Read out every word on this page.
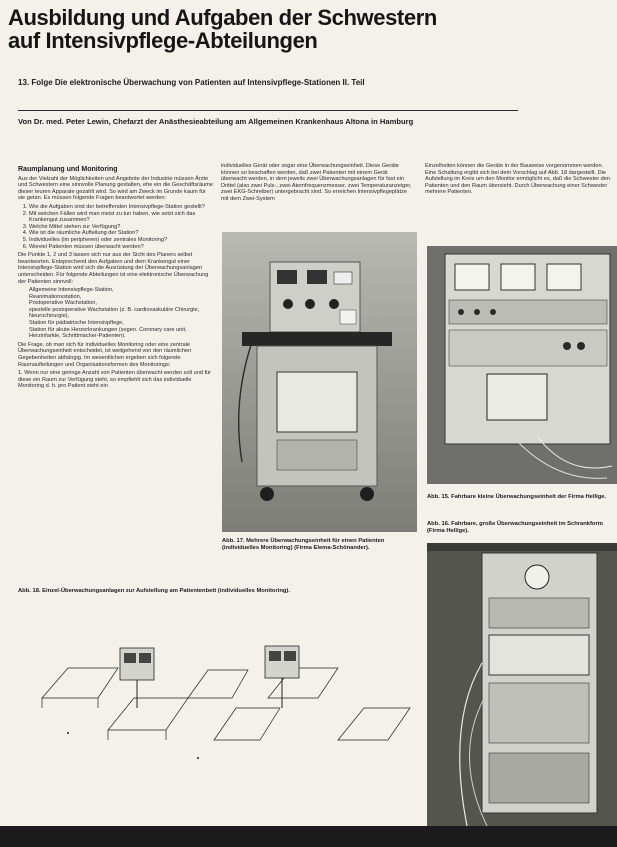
Ausbildung und Aufgaben der Schwestern
auf Intensivpflege-Abteilungen
13. Folge Die elektronische Überwachung von Patienten auf Intensivpflege-Stationen II. Teil
Von Dr. med. Peter Lewin, Chefarzt der Anästhesieabteilung am Allgemeinen Krankenhaus Altona in Hamburg
Raumplanung und Monitoring

Aus der Vielzahl der Möglichkeiten und Angebote der Industrie müssen Ärzte und Schwestern eine sinnvolle Planung gestalten, ehe ein die Geschäftsräume dieser teuren Apparate gezahlt wird. So wird am Zweck im Grunde kaum für sie getan. Es müssen folgende Fragen beantwortet werden:

1. Wie die Aufgaben sind der betreffenden Intensivpflege-Station gestellt?
2. Mit welchen Fällen wird man meist zu tun haben, wie setzt sich das Krankengut zusammen?
3. Welche Mittel stehen zur Verfügung?
4. Wie ist die räumliche Aufteilung der Station?
5. Individuelles (im peripheren) oder zentrales Monitoring?
6. Wieviel Patienten müssen überwacht werden?

Die Punkte 1, 2 und 3 lassen sich nur aus der Sicht des Planers selbst beantworten. Entsprechend den Aufgaben und dem Krankengut einer Intensivpflege-Station wird sich die Ausrüstung der Überwachungsanlagen unterscheiden. Für folgende Abteilungen ist eine elektronische Überwachung der Patienten sinnvoll:

Allgemeine Intensivpflege-Station,
Reanimationsstation,
Postoperative Wachstation,
spezielle postoperative Wachstation (z. B. cardiovaskuläre Chirurgie, Neurochirurgie),
Station für pädiatrische Intensivpflege,
Station für akute Herzerkrankungen (sogen. Coronary care unit, Herzinfarkte, Schrittmacher-Patienten).

Die Frage, ob man sich für individuelles Monitoring oder eine zentrale Überwachungseinheit entscheidet, ist weitgehend von den räumlichen Gegebenheiten abhängig. Im wesentlichen ergeben sich folgende Raumaufteilungen und Organisationsformen des Monitorings:

1. Wenn nur eine geringe Anzahl von Patienten überwacht werden soll und für diese ein Raum zur Verfügung steht, so empfiehlt sich das individuelle Monitoring d. h. pro Patient steht ein

individuelles Gerät oder sogar eine Überwachungseinheit. Diese Geräte können so beschaffen werden, daß zwei Patienten mit einem Gerät überwacht werden, in dem jeweils zwei Überwachungsanlagen für fast ein Drittel (also zwei Puls-, zwei Atemfrequenzmesser, zwei Temperaturanzeiger, zwei EKG-Schreiber) untergebracht sind. So erreichen Intensivpflegeplätze mit dem Zwei-System

Einzelheiten können die Geräte in der Bauweise vorgenommen werden. Eine Schaltung ergibt sich bei dem Vorschlag auf Abb. 18 dargestellt. Die Aufstellung im Kreis um den Monitor ermöglicht es, daß die Schwester den Patienten und den Raum übersieht. Durch Überwachung einer Schwester mehrere Patienten.

Abb. 17. Mehrere Überwachungseinheit für einen Patienten (individuelles Monitoring) (Firma Elema-Schönander).
Abb. 15. Fahrbare kleine Überwachungseinheit der Firma Hellige.
Abb. 16. Fahrbare, große Überwachungseinheit im Schrankform (Firma Hellige).
Abb. 18. Einzel-Überwachungsanlagen zur Aufstellung am Patientenbett (individuelles Monitoring).
